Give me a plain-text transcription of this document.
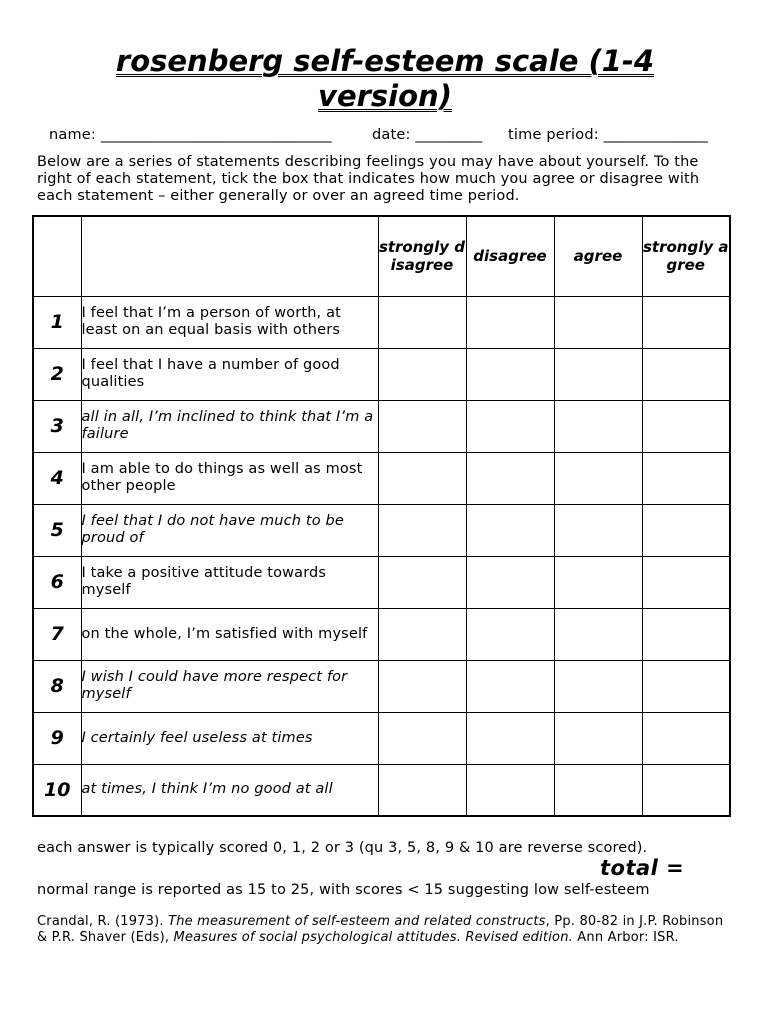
rosenberg self-esteem scale (1-4 version)
name: _______________________________	date: _________ time period: ______________
Below are a series of statements describing feelings you may have about yourself. To the right of each statement, tick the box that indicates how much you agree or disagree with each statement – either generally or over an agreed time period.
		strongly disagree	disagree	agree	strongly agree
1	I feel that I’m a person of worth, at least on an equal basis with others				
2	I feel that I have a number of good qualities				
3	all in all, I’m inclined to think that I’m a failure				
4	I am able to do things as well as most other people				
5	I feel that I do not have much to be proud of				
6	I take a positive attitude towards myself				
7	on the whole, I’m satisfied with myself				
8	I wish I could have more respect for myself				
9	I certainly feel useless at times				
10	at times, I think I’m no good at all				
each answer is typically scored 0, 1, 2 or 3 (qu 3, 5, 8, 9 & 10 are reverse scored).
total =
normal range is reported as 15 to 25, with scores < 15 suggesting low self-esteem
Crandal, R. (1973). The measurement of self-esteem and related constructs, Pp. 80-82 in J.P. Robinson & P.R. Shaver (Eds), Measures of social psychological attitudes. Revised edition. Ann Arbor: ISR.
